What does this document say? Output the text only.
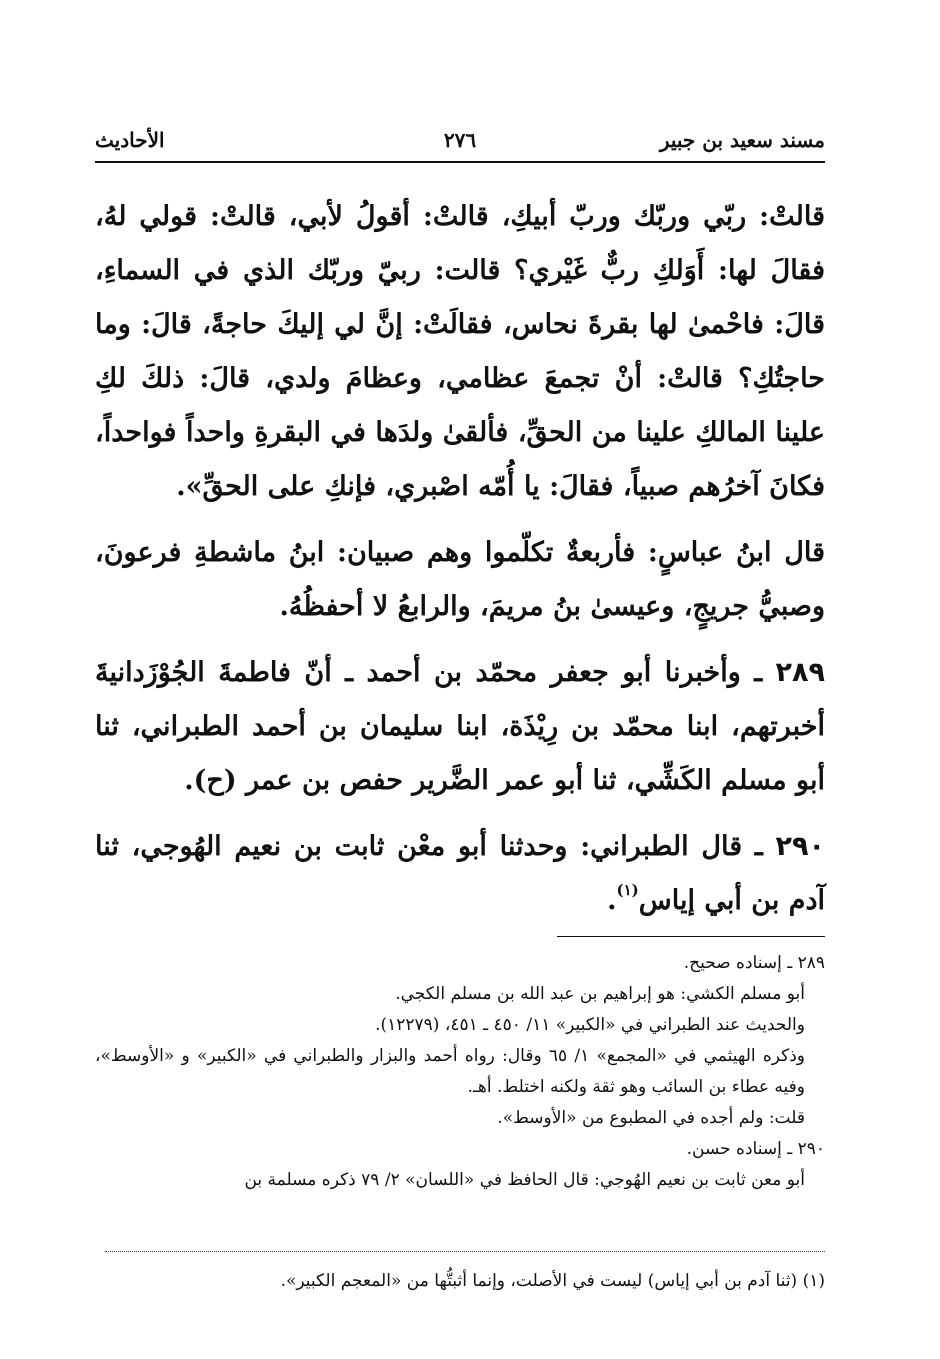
مسند سعيد بن جبير
٢٧٦
الأحاديث

قالتْ: ربّي وربّك وربّ أبيكِ، قالتْ: أقولُ لأبي، قالتْ: قولي لهُ، فقالَ لها: أَوَلكِ ربٌّ غَيْري؟ قالت: ربيّ وربّك الذي في السماءِ، قالَ: فاحْمىٰ لها بقرةَ نحاس، فقالَتْ: إنَّ لي إليكَ حاجةً، قالَ: وما حاجتُكِ؟ قالتْ: أنْ تجمعَ عظامي، وعظامَ ولدي، قالَ: ذلكَ لكِ علينا المالكِ علينا من الحقِّ، فألقىٰ ولدَها في البقرةِ واحداً فواحداً، فكانَ آخرُهم صبياً، فقالَ: يا أُمّه اصْبري، فإنكِ على الحقِّ».

قال ابنُ عباسٍ: فأربعةٌ تكلّموا وهم صبيان: ابنُ ماشطةِ فرعونَ، وصبيُّ جريجٍ، وعيسىٰ بنُ مريمَ، والرابعُ لا أحفظُهُ.

٢٨٩ ـ وأخبرنا أبو جعفر محمّد بن أحمد ـ أنّ فاطمةَ الجُوْزَدانيةَ أخبرتهم، ابنا محمّد بن رِيْذَة، ابنا سليمان بن أحمد الطبراني، ثنا أبو مسلم الكَشِّي، ثنا أبو عمر الضَّرير حفص بن عمر (ح).

٢٩٠ ـ قال الطبراني: وحدثنا أبو معْن ثابت بن نعيم الهُوجي، ثنا آدم بن أبي إياس$^{(١)}$.

٢٨٩ ـ إسناده صحيح.

أبو مسلم الكشي: هو إبراهيم بن عبد الله بن مسلم الكجي.

والحديث عند الطبراني في «الكبير» ١١/ ٤٥٠ ـ ٤٥١، (١٢٢٧٩).

وذكره الهيثمي في «المجمع» ١/ ٦٥ وقال: رواه أحمد والبزار والطبراني في «الكبير» و «الأوسط»، وفيه عطاء بن السائب وهو ثقة ولكنه اختلط. أهـ.

قلت: ولم أجده في المطبوع من «الأوسط».

٢٩٠ ـ إسناده حسن.

أبو معن ثابت بن نعيم الهُوجي: قال الحافظ في «اللسان» ٢/ ٧٩ ذكره مسلمة بن

(١) (ثنا آدم بن أبي إياس) ليست في الأصلت، وإنما أثبتُّها من «المعجم الكبير».
